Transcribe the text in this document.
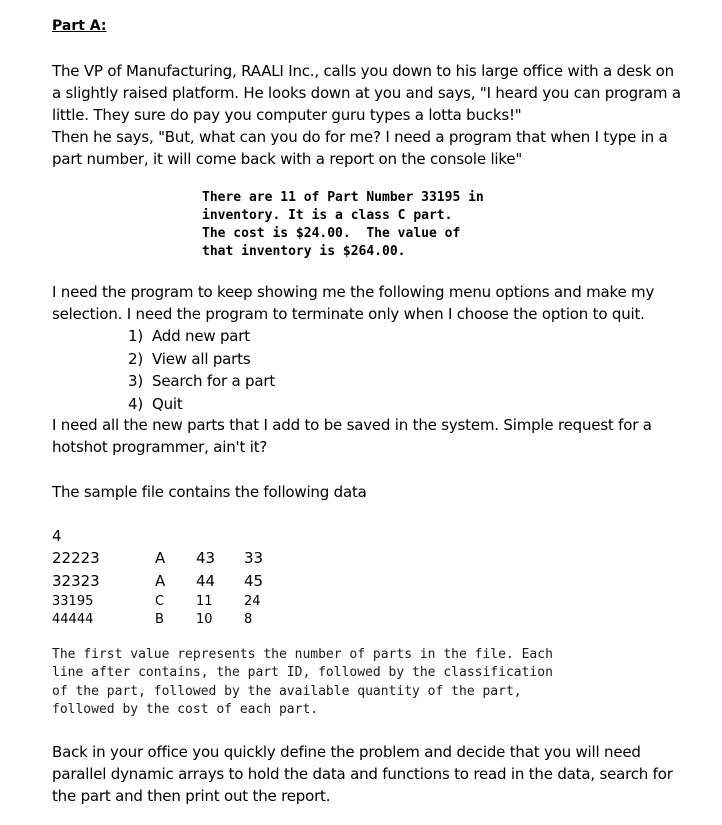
Part A:

The VP of Manufacturing, RAALI Inc., calls you down to his large office with a desk on

a slightly raised platform. He looks down at you and says, "I heard you can program a

little. They sure do pay you computer guru types a lotta bucks!"

Then he says, "But, what can you do for me? I need a program that when I type in a

part number, it will come back with a report on the console like"

There are 11 of Part Number 33195 in

inventory. It is a class C part.

The cost is $24.00.  The value of

that inventory is $264.00.

I need the program to keep showing me the following menu options and make my

selection. I need the program to terminate only when I choose the option to quit.

1) Add new part

2) View all parts

3) Search for a part

4) Quit

I need all the new parts that I add to be saved in the system. Simple request for a

hotshot programmer, ain't it?

The sample file contains the following data

4
22223	A 43 33
32323	A 44 45
33195	C 11 24
44444	B 10 8

The first value represents the number of parts in the file. Each

line after contains, the part ID, followed by the classification

of the part, followed by the available quantity of the part,

followed by the cost of each part.

Back in your office you quickly define the problem and decide that you will need

parallel dynamic arrays to hold the data and functions to read in the data, search for

the part and then print out the report.
